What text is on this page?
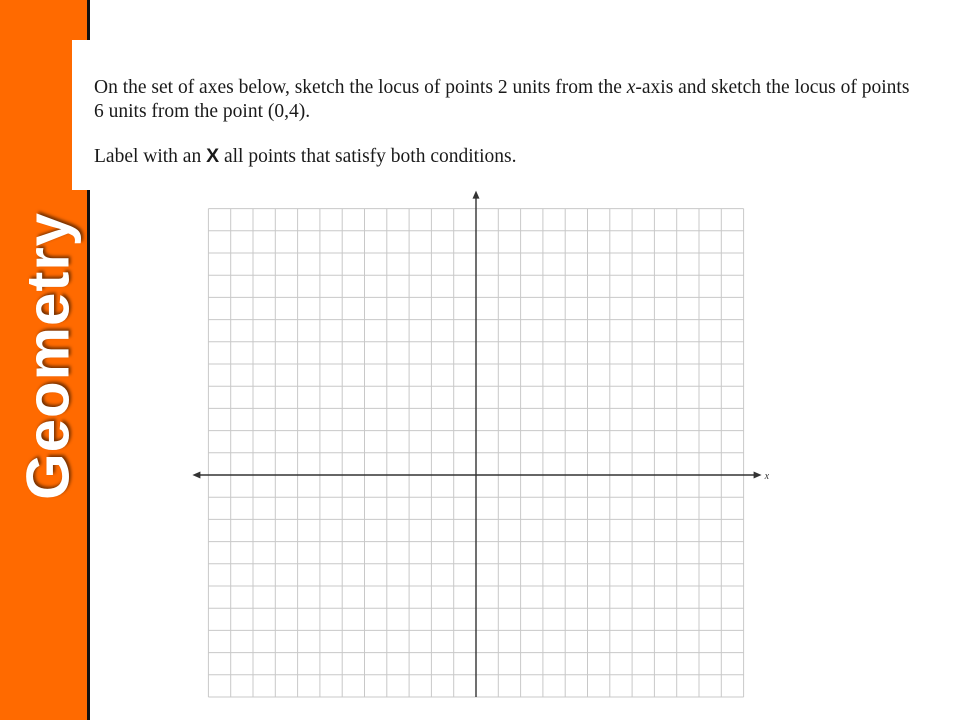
Geometry

On the set of axes below, sketch the locus of points 2 units from the x-axis and sketch the locus of points 6 units from the point (0,4).

Label with an X all points that satisfy both conditions.

x
